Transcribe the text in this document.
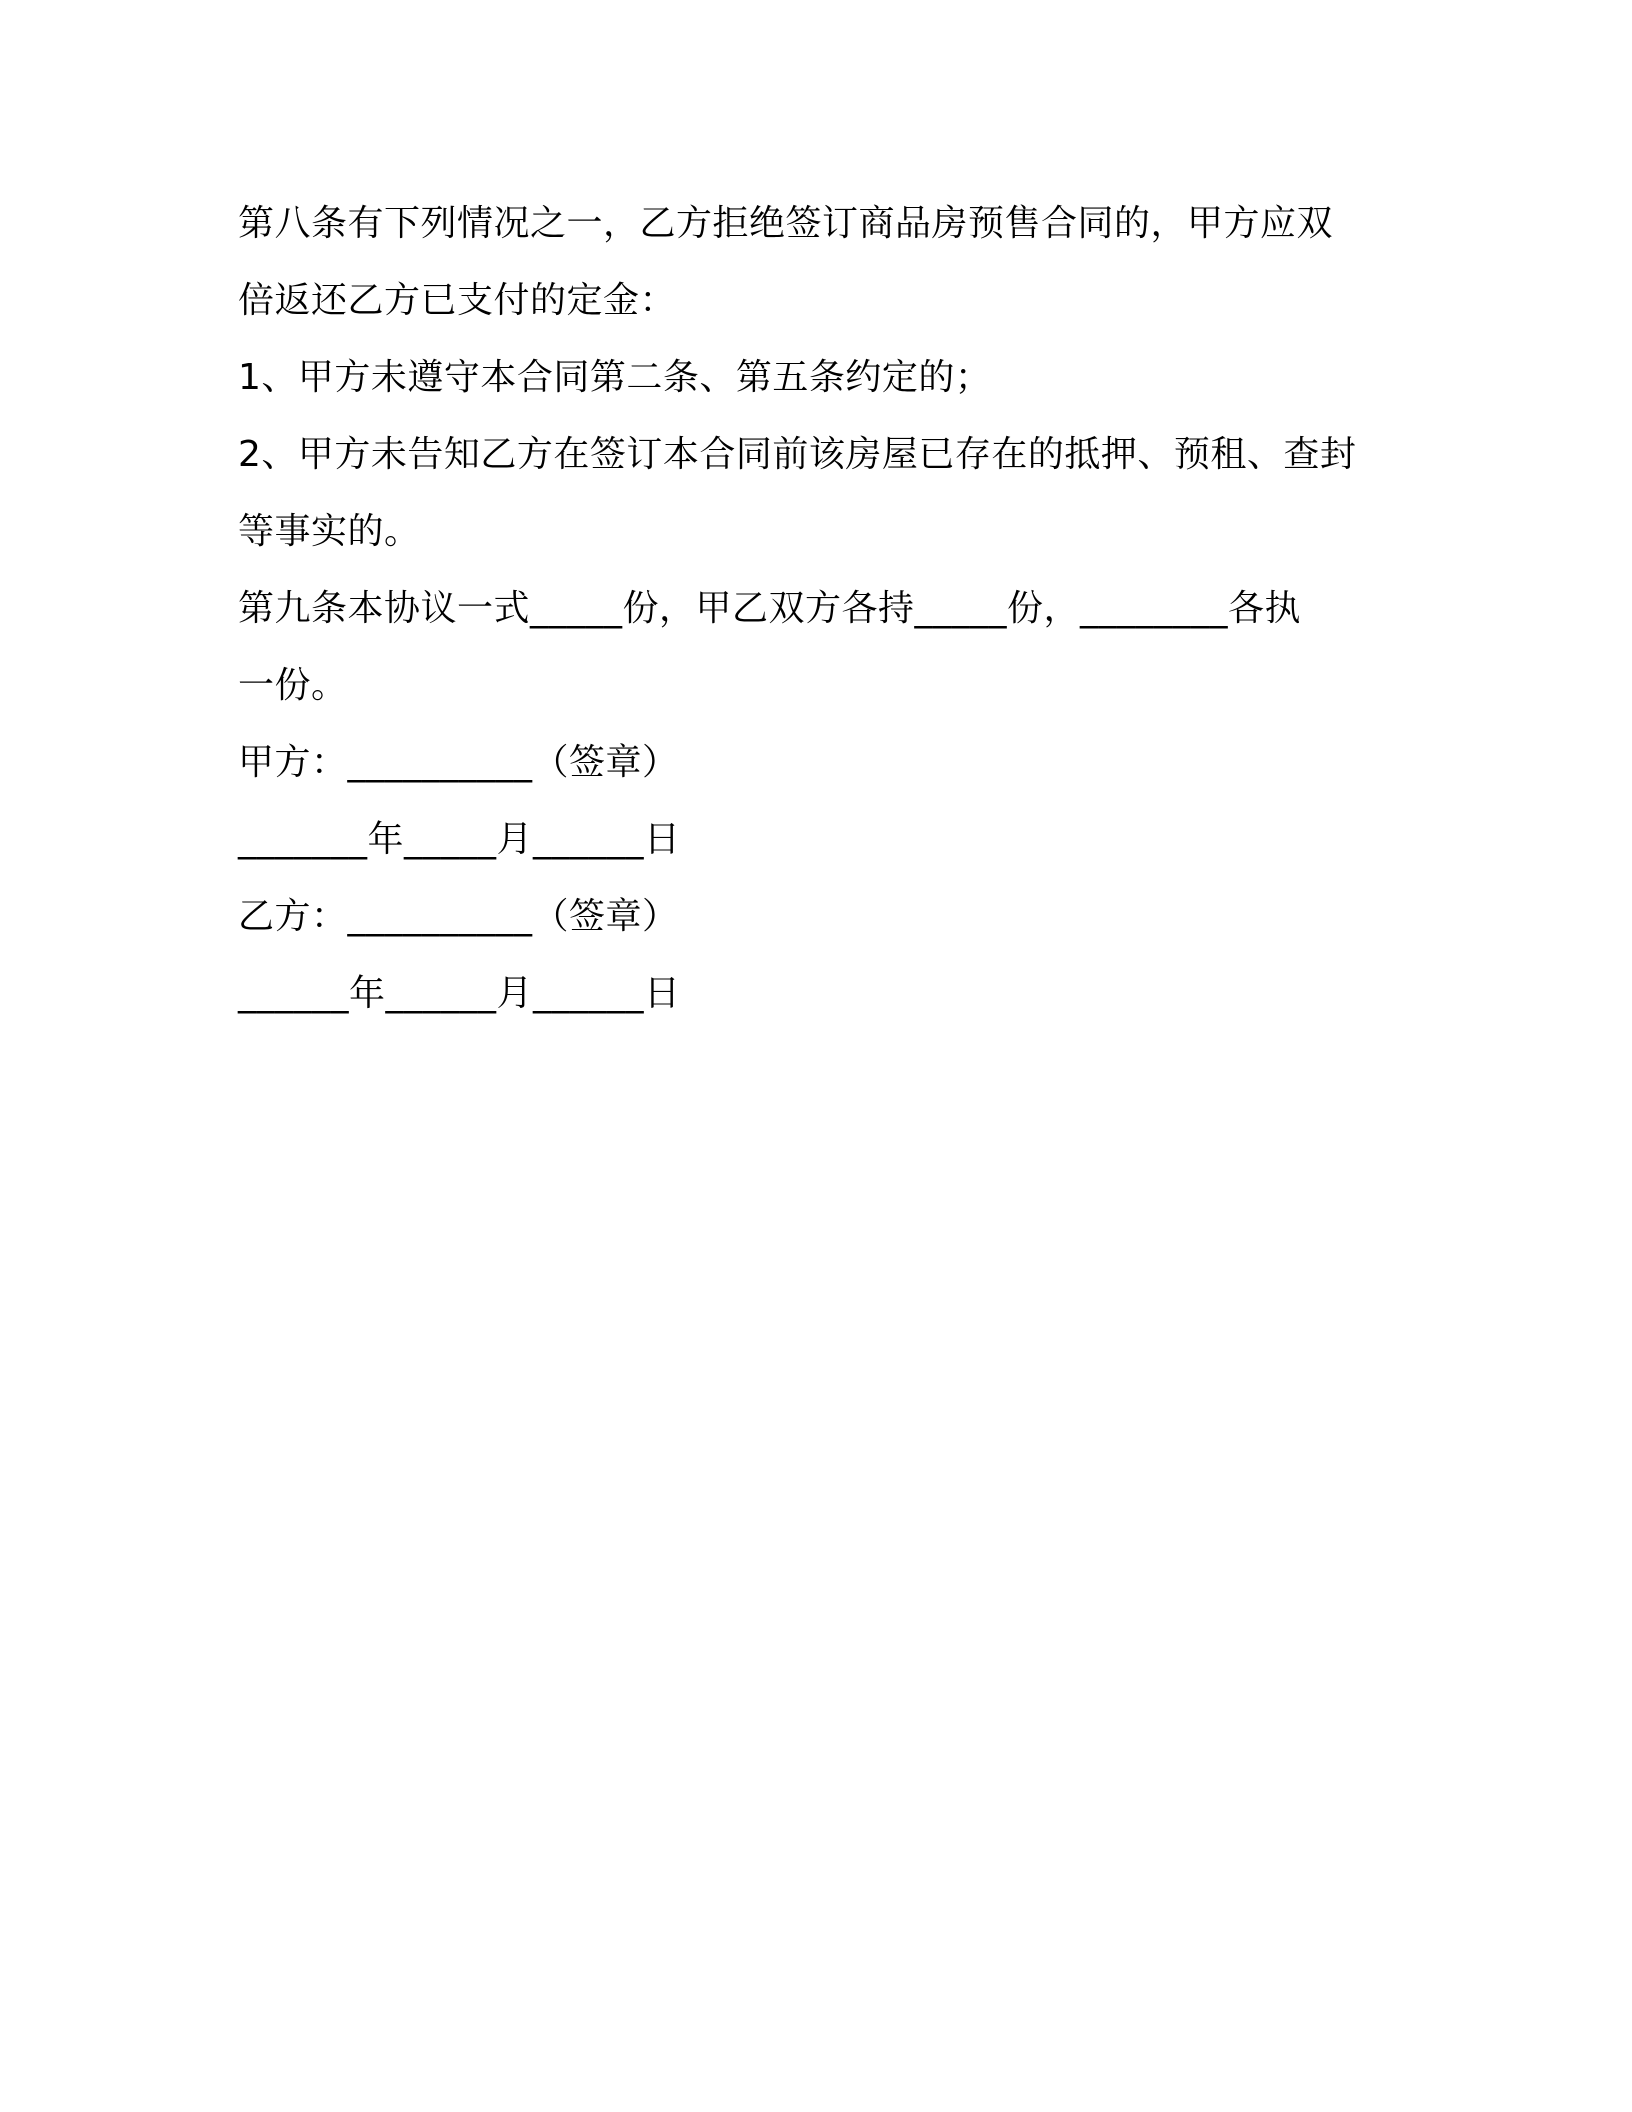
第八条有下列情况之一，乙方拒绝签订商品房预售合同的，甲方应双
倍返还乙方已支付的定金：
1、甲方未遵守本合同第二条、第五条约定的；
2、甲方未告知乙方在签订本合同前该房屋已存在的抵押、预租、查封
等事实的。
第九条本协议一式_____份，甲乙双方各持_____份，________各执
一份。
甲方：__________（签章）
_______年_____月______日
乙方：__________（签章）
______年______月______日
